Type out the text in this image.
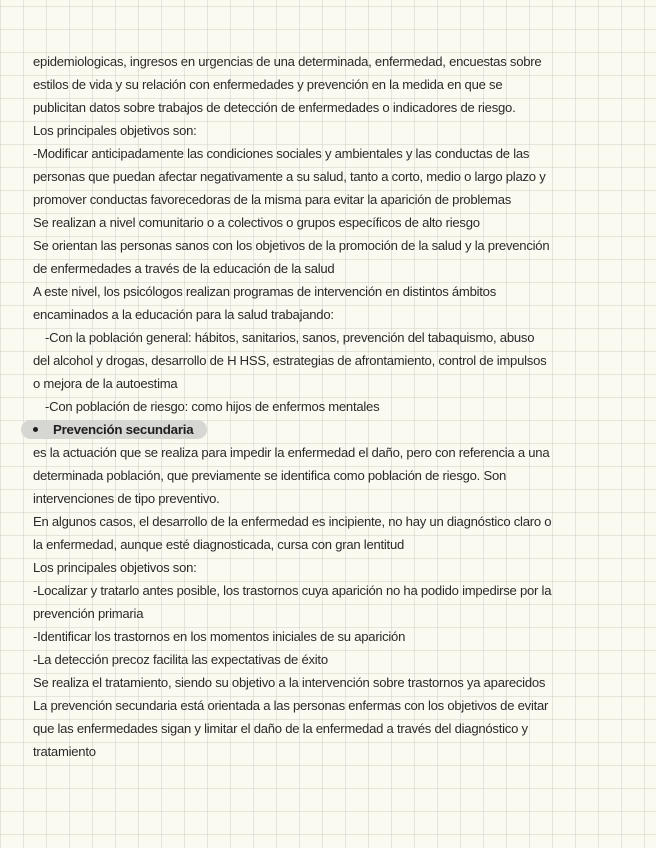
epidemiologicas, ingresos en urgencias de una determinada, enfermedad, encuestas sobre
estilos de vida y su relación con enfermedades y prevención en la medida en que se
publicitan datos sobre trabajos de detección de enfermedades o indicadores de riesgo.
Los principales objetivos son:
-Modificar anticipadamente las condiciones sociales y ambientales y las conductas de las
personas que puedan afectar negativamente a su salud, tanto a corto, medio o largo plazo y
promover conductas favorecedoras de la misma para evitar la aparición de problemas
Se realizan a nivel comunitario o a colectivos o grupos específicos de alto riesgo
Se orientan las personas sanos con los objetivos de la promoción de la salud y la prevención
de enfermedades a través de la educación de la salud
A este nivel, los psicólogos realizan programas de intervención en distintos ámbitos
encaminados a la educación para la salud trabajando:
-Con la población general: hábitos, sanitarios, sanos, prevención del tabaquismo, abuso
del alcohol y drogas, desarrollo de H HSS, estrategias de afrontamiento, control de impulsos
o mejora de la autoestima
-Con población de riesgo: como hijos de enfermos mentales
Prevención secundaria
es la actuación que se realiza para impedir la enfermedad el daño, pero con referencia a una
determinada población, que previamente se identifica como población de riesgo. Son
intervenciones de tipo preventivo.
En algunos casos, el desarrollo de la enfermedad es incipiente, no hay un diagnóstico claro o
la enfermedad, aunque esté diagnosticada, cursa con gran lentitud
Los principales objetivos son:
-Localizar y tratarlo antes posible, los trastornos cuya aparición no ha podido impedirse por la
prevención primaria
-Identificar los trastornos en los momentos iniciales de su aparición
-La detección precoz facilita las expectativas de éxito
Se realiza el tratamiento, siendo su objetivo a la intervención sobre trastornos ya aparecidos
La prevención secundaria está orientada a las personas enfermas con los objetivos de evitar
que las enfermedades sigan y limitar el daño de la enfermedad a través del diagnóstico y
tratamiento
